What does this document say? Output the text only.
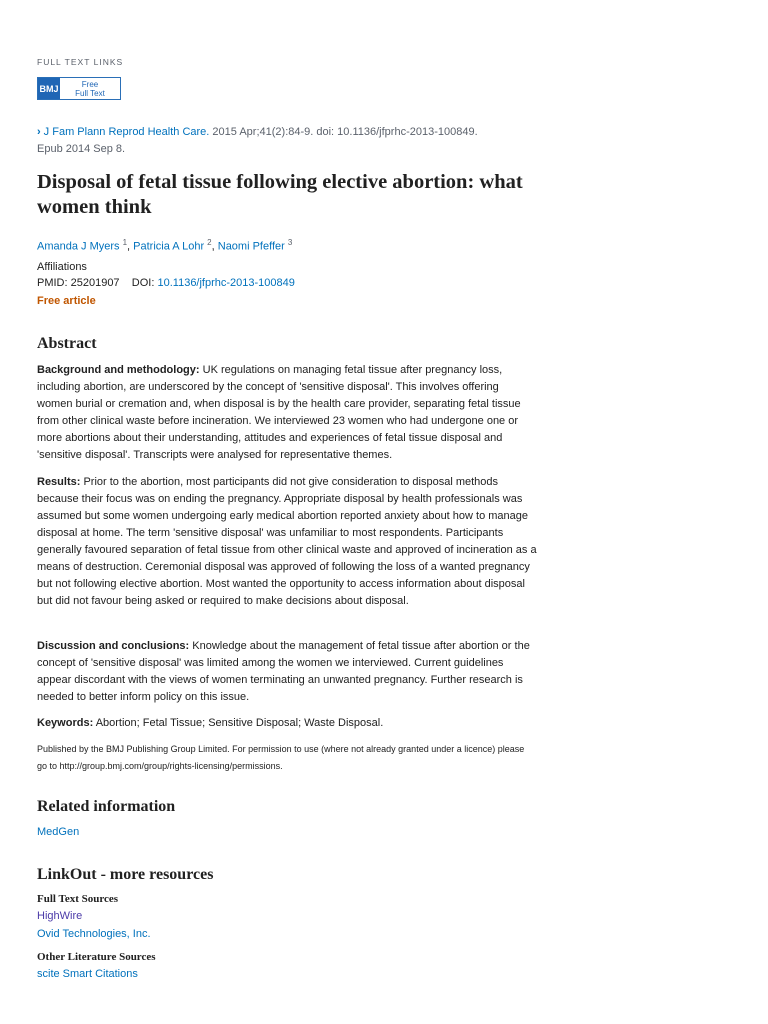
FULL TEXT LINKS
BMJ	Free
Full Text
› J Fam Plann Reprod Health Care. 2015 Apr;41(2):84-9. doi: 10.1136/jfprhc-2013-100849.
Epub 2014 Sep 8.
Disposal of fetal tissue following elective abortion: what women think
Amanda J Myers $^1$, Patricia A Lohr $^2$, Naomi Pfeffer $^3$
Affiliations
PMID: 25201907 DOI: 10.1136/jfprhc-2013-100849
Free article
Abstract

Background and methodology: UK regulations on managing fetal tissue after pregnancy loss, including abortion, are underscored by the concept of 'sensitive disposal'. This involves offering women burial or cremation and, when disposal is by the health care provider, separating fetal tissue from other clinical waste before incineration. We interviewed 23 women who had undergone one or more abortions about their understanding, attitudes and experiences of fetal tissue disposal and 'sensitive disposal'. Transcripts were analysed for representative themes.

Results: Prior to the abortion, most participants did not give consideration to disposal methods because their focus was on ending the pregnancy. Appropriate disposal by health professionals was assumed but some women undergoing early medical abortion reported anxiety about how to manage disposal at home. The term 'sensitive disposal' was unfamiliar to most respondents. Participants generally favoured separation of fetal tissue from other clinical waste and approved of incineration as a means of destruction. Ceremonial disposal was approved of following the loss of a wanted pregnancy but not following elective abortion. Most wanted the opportunity to access information about disposal but did not favour being asked or required to make decisions about disposal.

Discussion and conclusions: Knowledge about the management of fetal tissue after abortion or the concept of 'sensitive disposal' was limited among the women we interviewed. Current guidelines appear discordant with the views of women terminating an unwanted pregnancy. Further research is needed to better inform policy on this issue.

Keywords: Abortion; Fetal Tissue; Sensitive Disposal; Waste Disposal.

Published by the BMJ Publishing Group Limited. For permission to use (where not already granted under a licence) please go to http://group.bmj.com/group/rights-licensing/permissions.

Related information
MedGen
LinkOut - more resources
Full Text Sources
HighWire
Ovid Technologies, Inc.
Other Literature Sources
scite Smart Citations
